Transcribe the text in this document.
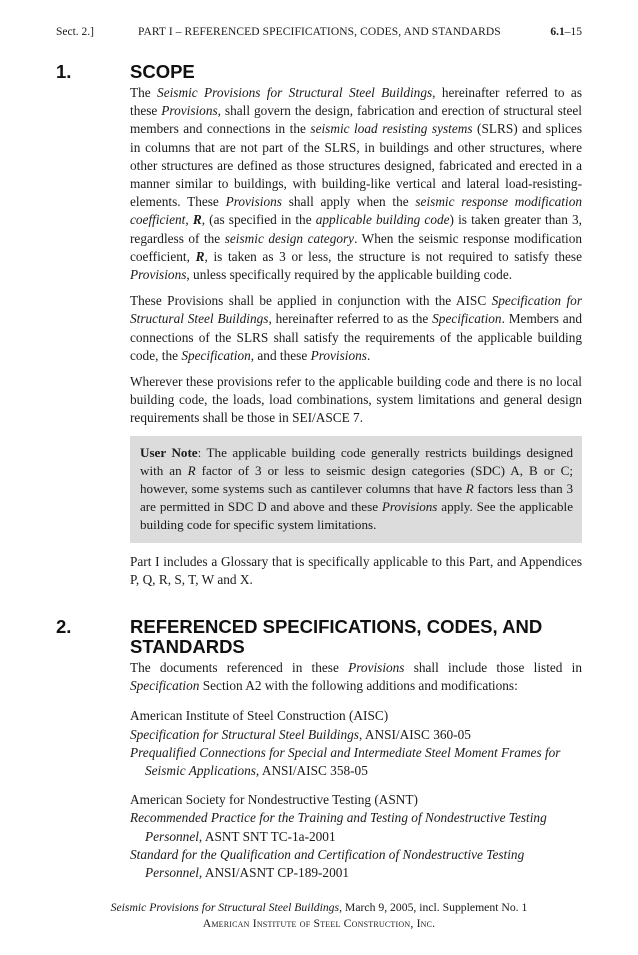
Sect. 2.]	PART I – REFERENCED SPECIFICATIONS, CODES, AND STANDARDS	6.1–15
1.	SCOPE

The Seismic Provisions for Structural Steel Buildings, hereinafter referred to as these Provisions, shall govern the design, fabrication and erection of structural steel members and connections in the seismic load resisting systems (SLRS) and splices in columns that are not part of the SLRS, in buildings and other structures, where other structures are defined as those structures designed, fabricated and erected in a manner similar to buildings, with building-like vertical and lateral load-resisting-elements. These Provisions shall apply when the seismic response modification coefficient, R, (as specified in the applicable building code) is taken greater than 3, regardless of the seismic design category. When the seismic response modification coefficient, R, is taken as 3 or less, the structure is not required to satisfy these Provisions, unless specifically required by the applicable building code.

These Provisions shall be applied in conjunction with the AISC Specification for Structural Steel Buildings, hereinafter referred to as the Specification. Members and connections of the SLRS shall satisfy the requirements of the applicable building code, the Specification, and these Provisions.

Wherever these provisions refer to the applicable building code and there is no local building code, the loads, load combinations, system limitations and general design requirements shall be those in SEI/ASCE 7.

User Note: The applicable building code generally restricts buildings designed with an R factor of 3 or less to seismic design categories (SDC) A, B or C; however, some systems such as cantilever columns that have R factors less than 3 are permitted in SDC D and above and these Provisions apply. See the applicable building code for specific system limitations.

Part I includes a Glossary that is specifically applicable to this Part, and Appendices P, Q, R, S, T, W and X.

2.	REFERENCED SPECIFICATIONS, CODES, AND STANDARDS

The documents referenced in these Provisions shall include those listed in Specification Section A2 with the following additions and modifications:

American Institute of Steel Construction (AISC)
Specification for Structural Steel Buildings, ANSI/AISC 360-05
Prequalified Connections for Special and Intermediate Steel Moment Frames for Seismic Applications, ANSI/AISC 358-05
American Society for Nondestructive Testing (ASNT)
Recommended Practice for the Training and Testing of Nondestructive Testing Personnel, ASNT SNT TC-1a-2001
Standard for the Qualification and Certification of Nondestructive Testing Personnel, ANSI/ASNT CP-189-2001
Seismic Provisions for Structural Steel Buildings, March 9, 2005, incl. Supplement No. 1
American Institute of Steel Construction, Inc.
